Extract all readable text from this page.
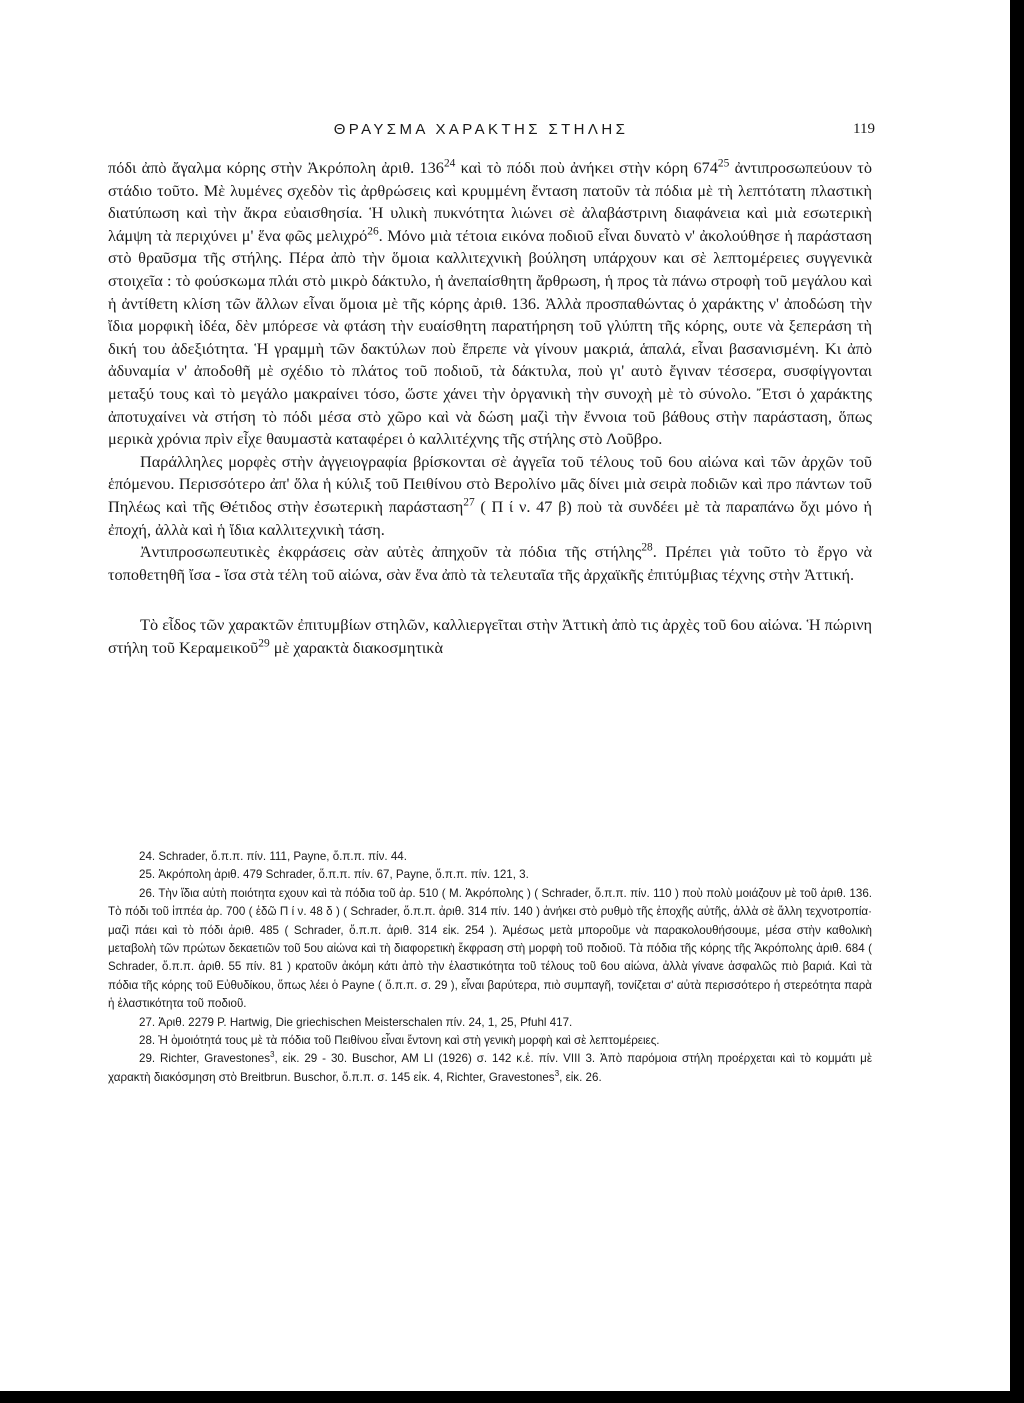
ΘΡΑΥΣΜΑ ΧΑΡΑΚΤΗΣ ΣΤΗΛΗΣ	119

πόδι ἀπὸ ἄγαλμα κόρης στὴν Ἀκρόπολη ἀριθ. $136^{24}$ καὶ τὸ πόδι ποὺ ἀνήκει στὴν κόρη $674^{25}$ ἀντιπροσωπεύουν τὸ στάδιο τοῦτο. Μὲ λυμένες σχεδὸν τὶς ἀρθρώσεις καὶ κρυμμένη ἔνταση πατοῦν τὰ πόδια μὲ τὴ λεπτότατη πλαστικὴ διατύπωση καὶ τὴν ἄκρα εὐαισθησία. Ἡ υλικὴ πυκνότητα λιώνει σὲ ἀλαβάστρινη διαφάνεια καὶ μιὰ εσωτερικὴ λάμψη τὰ περιχύνει μ' ἕνα φῶς μελιχρό$^{26}$. Μόνο μιὰ τέτοια εικόνα ποδιοῦ εἶναι δυνατὸ ν' ἀκολούθησε ἡ παράσταση στὸ θραῦσμα τῆς στήλης. Πέρα ἀπὸ τὴν ὅμοια καλλιτεχνικὴ βούληση υπάρχουν και σὲ λεπτομέρειες συγγενικὰ στοιχεῖα : τὸ φούσκωμα πλάι στὸ μικρὸ δάκτυλο, ἡ ἀνεπαίσθητη ἄρθρωση, ἡ προς τὰ πάνω στροφὴ τοῦ μεγάλου καὶ ἡ ἀντίθετη κλίση τῶν ἄλλων εἶναι ὅμοια μὲ τῆς κόρης ἀριθ. 136. Ἀλλὰ προσπαθώντας ὁ χαράκτης ν' ἀποδώση τὴν ἴδια μορφικὴ ἰδέα, δὲν μπόρεσε νὰ φτάση τὴν ευαίσθητη παρατήρηση τοῦ γλύπτη τῆς κόρης, ουτε νὰ ξεπεράση τὴ δική του ἀδεξιότητα. Ἡ γραμμὴ τῶν δακτύλων ποὺ ἔπρεπε νὰ γίνουν μακριά, ἁπαλά, εἶναι βασανισμένη. Κι ἀπὸ ἀδυναμία ν' ἀποδοθῆ μὲ σχέδιο τὸ πλάτος τοῦ ποδιοῦ, τὰ δάκτυλα, ποὺ γι' αυτὸ ἔγιναν τέσσερα, συσφίγγονται μεταξύ τους καὶ τὸ μεγάλο μακραίνει τόσο, ὥστε χάνει τὴν ὀργανικὴ τὴν συνοχὴ μὲ τὸ σύνολο. Ἔτσι ὁ χαράκτης ἀποτυχαίνει νὰ στήση τὸ πόδι μέσα στὸ χῶρο καὶ νὰ δώση μαζὶ τὴν ἔννοια τοῦ βάθους στὴν παράσταση, ὅπως μερικὰ χρόνια πρὶν εἶχε θαυμαστὰ καταφέρει ὁ καλλιτέχνης τῆς στήλης στὸ Λοῦβρο.

Παράλληλες μορφὲς στὴν ἀγγειογραφία βρίσκονται σὲ ἀγγεῖα τοῦ τέλους τοῦ 6ου αἰώνα καὶ τῶν ἀρχῶν τοῦ ἑπόμενου. Περισσότερο ἀπ' ὅλα ἡ κύλιξ τοῦ Πειθίνου στὸ Βερολίνο μᾶς δίνει μιὰ σειρὰ ποδιῶν καὶ προ πάντων τοῦ Πηλέως καὶ τῆς Θέτιδος στὴν ἐσωτερικὴ παράσταση$^{27}$ ( Π ί ν. 47 β) ποὺ τὰ συνδέει μὲ τὰ παραπάνω ὄχι μόνο ἡ ἐποχή, ἀλλὰ καὶ ἡ ἴδια καλλιτεχνικὴ τάση.

Ἀντιπροσωπευτικὲς ἐκφράσεις σὰν αὐτὲς ἀπηχοῦν τὰ πόδια τῆς στήλης$^{28}$. Πρέπει γιὰ τοῦτο τὸ ἔργο νὰ τοποθετηθῆ ἴσα - ἴσα στὰ τέλη τοῦ αἰώνα, σὰν ἕνα ἀπὸ τὰ τελευταῖα τῆς ἀρχαϊκῆς ἐπιτύμβιας τέχνης στὴν Ἀττική.

Τὸ εἶδος τῶν χαρακτῶν ἐπιτυμβίων στηλῶν, καλλιεργεῖται στὴν Ἀττικὴ ἀπὸ τις ἀρχὲς τοῦ 6ου αἰώνα. Ἡ πώρινη στήλη τοῦ Κεραμεικοῦ$^{29}$ μὲ χαρακτὰ διακοσμητικὰ

24. Schrader, ὅ.π.π. πίν. 111, Payne, ὅ.π.π. πίν. 44.

25. Ἀκρόπολη ἀριθ. 479 Schrader, ὅ.π.π. πίν. 67, Payne, ὅ.π.π. πίν. 121, 3.

26. Τὴν ἴδια αὐτὴ ποιότητα εχουν καὶ τὰ πόδια τοῦ ἀρ. 510 ( Μ. Ἀκρόπολης ) ( Schrader, ὅ.π.π. πίν. 110 ) ποὺ πολὺ μοιάζουν μὲ τοῦ ἀριθ. 136. Τὸ πόδι τοῦ ἱππέα ἀρ. 700 ( ἐδῶ Π ί ν. 48 δ ) ( Schrader, ὅ.π.π. ἀριθ. 314 πίν. 140 ) ἀνήκει στὸ ρυθμὸ τῆς ἐποχῆς αὐτῆς, ἀλλὰ σὲ ἄλλη τεχνοτροπία· μαζὶ πάει καὶ τὸ πόδι ἀριθ. 485 ( Schrader, ὅ.π.π. ἀριθ. 314 εἰκ. 254 ). Ἀμέσως μετὰ μποροῦμε νὰ παρακολουθήσουμε, μέσα στὴν καθολικὴ μεταβολὴ τῶν πρώτων δεκαετιῶν τοῦ 5ου αἰώνα καὶ τὴ διαφορετικὴ ἔκφραση στὴ μορφὴ τοῦ ποδιοῦ. Τὰ πόδια τῆς κόρης τῆς Ἀκρόπολης ἀριθ. 684 ( Schrader, ὅ.π.π. ἀριθ. 55 πίν. 81 ) κρατοῦν ἀκόμη κάτι ἀπὸ τὴν ἐλαστικότητα τοῦ τέλους τοῦ 6ου αἰώνα, ἀλλὰ γίνανε ἀσφαλῶς πιὸ βαριά. Καὶ τὰ πόδια τῆς κόρης τοῦ Εὐθυδίκου, ὅπως λέει ὁ Payne ( ὅ.π.π. σ. 29 ), εἶναι βαρύτερα, πιὸ συμπαγῆ, τονίζεται σ' αὐτὰ περισσότερο ἡ στερεότητα παρὰ ἡ ἐλαστικότητα τοῦ ποδιοῦ.

27. Ἀριθ. 2279 P. Hartwig, Die griechischen Meisterschalen πίν. 24, 1, 25, Pfuhl 417.

28. Ἡ ὁμοιότητά τους μὲ τὰ πόδια τοῦ Πειθίνου εἶναι ἔντονη καὶ στὴ γενικὴ μορφὴ καὶ σὲ λεπτομέρειες.

29. Richter, Gravestones$^3$, εἰκ. 29 - 30. Buschor, AM LI (1926) σ. 142 κ.ἑ. πίν. VIII 3. Ἀπὸ παρόμοια στήλη προέρχεται καὶ τὸ κομμάτι μὲ χαρακτὴ διακόσμηση στὸ Breitbrun. Buschor, ὅ.π.π. σ. 145 εἰκ. 4, Richter, Gravestones$^3$, εἰκ. 26.
